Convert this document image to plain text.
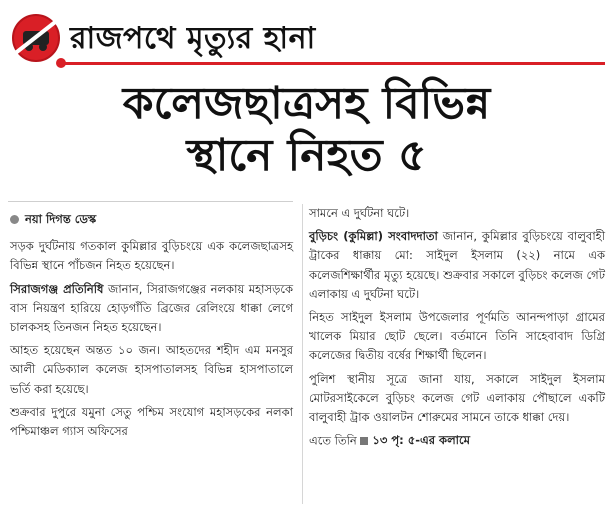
রাজপথে মৃত্যুর হানা
কলেজছাত্রসহ বিভিন্ন
স্থানে নিহত ৫
নয়া দিগন্ত ডেস্ক

সড়ক দুর্ঘটনায় গতকাল কুমিল্লার বুড়িচংয়ে এক কলেজছাত্রসহ বিভিন্ন স্থানে পাঁচজন নিহত হয়েছেন।

সিরাজগঞ্জ প্রতিনিধি জানান, সিরাজগঞ্জের নলকায় মহাসড়কে বাস নিয়ন্ত্রণ হারিয়ে হোড়গাঁতি ব্রিজের রেলিংয়ে ধাক্কা লেগে চালকসহ তিনজন নিহত হয়েছেন।

আহত হয়েছেন অন্তত ১০ জন। আহতদের শহীদ এম মনসুর আলী মেডিক্যাল কলেজ হাসপাতালসহ বিভিন্ন হাসপাতালে ভর্তি করা হয়েছে।

শুক্রবার দুপুরে যমুনা সেতু পশ্চিম সংযোগ মহাসড়কের নলকা পশ্চিমাঞ্চল গ্যাস অফিসের

সামনে এ দুর্ঘটনা ঘটে।

বুড়িচং (কুমিল্লা) সংবাদদাতা জানান, কুমিল্লার বুড়িচংয়ে বালুবাহী ট্রাকের ধাক্কায় মো: সাইদুল ইসলাম (২২) নামে এক কলেজশিক্ষার্থীর মৃত্যু হয়েছে। শুক্রবার সকালে বুড়িচং কলেজ গেট এলাকায় এ দুর্ঘটনা ঘটে।

নিহত সাইদুল ইসলাম উপজেলার পূর্ণমতি আনন্দপাড়া গ্রামের খালেক মিয়ার ছোট ছেলে। বর্তমানে তিনি সাহেবাবাদ ডিগ্রি কলেজের দ্বিতীয় বর্ষের শিক্ষার্থী ছিলেন।

পুলিশ স্থানীয় সূত্রে জানা যায়, সকালে সাইদুল ইসলাম মোটরসাইকেলে বুড়িচং কলেজ গেট এলাকায় পৌছালে একটি বালুবাহী ট্রাক ওয়ালটন শোরুমের সামনে তাকে ধাক্কা দেয়।

এতে তিনি ১৩ পৃ: ৫-এর কলামে
